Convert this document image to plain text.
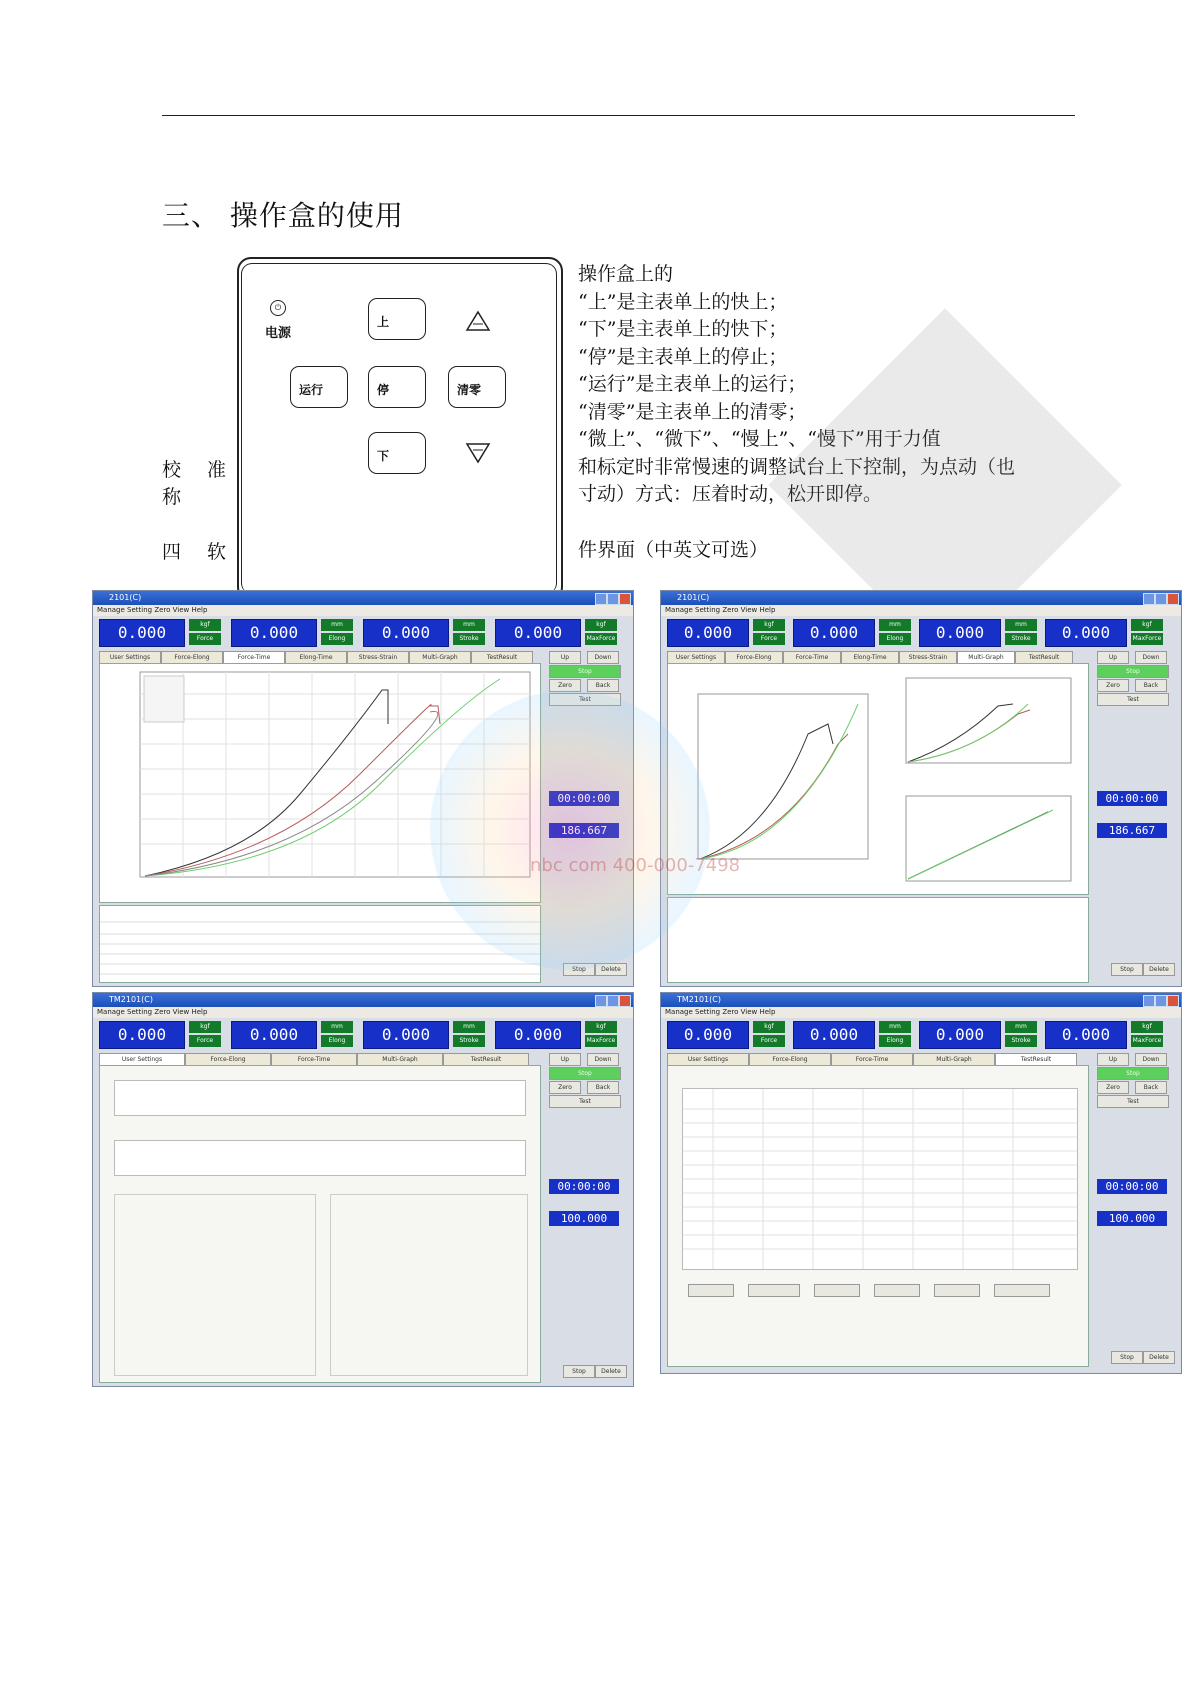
三、 操作盒的使用
⏻
电源
上
运行	停	清零
下
校 准
称
四 软
操作盒上的
“上”是主表单上的快上；
“下”是主表单上的快下；
“停”是主表单上的停止；
“运行”是主表单上的运行；
“清零”是主表单上的清零；
“微上”、“微下”、“慢上”、“慢下”用于力值
和标定时非常慢速的调整试台上下控制，为点动（也
寸动）方式：压着时动，松开即停。
件界面（中英文可选）
2101(C)
Manage Setting Zero View Help
0.000	kgf
Force	0.000	mm
Elong	0.000	mm
Stroke	0.000	kgf
MaxForce
User Settings	Force-Elong	Force-Time	Elong-Time	Stress-Strain	Multi-Graph	TestResult	Up	Down
Stop
Zero	Back
Test
00:00:00
186.667
Stop	Delete
2101(C)
Manage Setting Zero View Help
0.000	kgf
Force	0.000	mm
Elong	0.000	mm
Stroke	0.000	kgf
MaxForce
User Settings	Force-Elong	Force-Time	Elong-Time	Stress-Strain	Multi-Graph	TestResult	Up	Down
Stop
Zero	Back
Test
00:00:00
186.667
Stop	Delete
TM2101(C)
Manage Setting Zero View Help
0.000	kgf
Force	0.000	mm
Elong	0.000	mm
Stroke	0.000	kgf
MaxForce
User Settings	Force-Elong	Force-Time	Multi-Graph	TestResult	Up	Down
Stop
Zero	Back
Test
00:00:00
100.000
Stop	Delete
TM2101(C)
Manage Setting Zero View Help
0.000	kgf
Force	0.000	mm
Elong	0.000	mm
Stroke	0.000	kgf
MaxForce
User Settings	Force-Elong	Force-Time	Multi-Graph	TestResult	Up	Down
Stop
Zero	Back
Test
00:00:00
100.000
Stop	Delete
nbc com 400-000-7498
